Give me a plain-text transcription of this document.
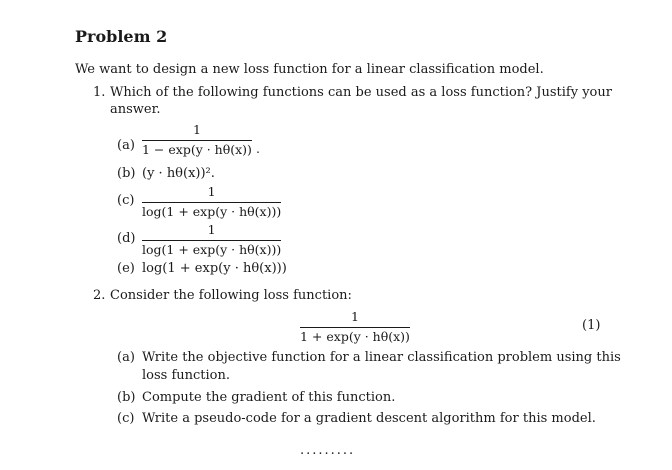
Problem 2
We want to design a new loss function for a linear classification model.
1. Which of the following functions can be used as a loss function? Justify your
answer.
(a)
1
1 − exp(y · hθ(x)) .
(b) (y · hθ(x))².
(c)
1
log(1 + exp(y · hθ(x)))
(d)
1
log(1 + exp(y · hθ(x)))
(e) log(1 + exp(y · hθ(x)))
2. Consider the following loss function:
1
1 + exp(y · hθ(x))
(1)
(a) Write the objective function for a linear classification problem using this
loss function.
(b) Compute the gradient of this function.
(c) Write a pseudo-code for a gradient descent algorithm for this model.
.........
